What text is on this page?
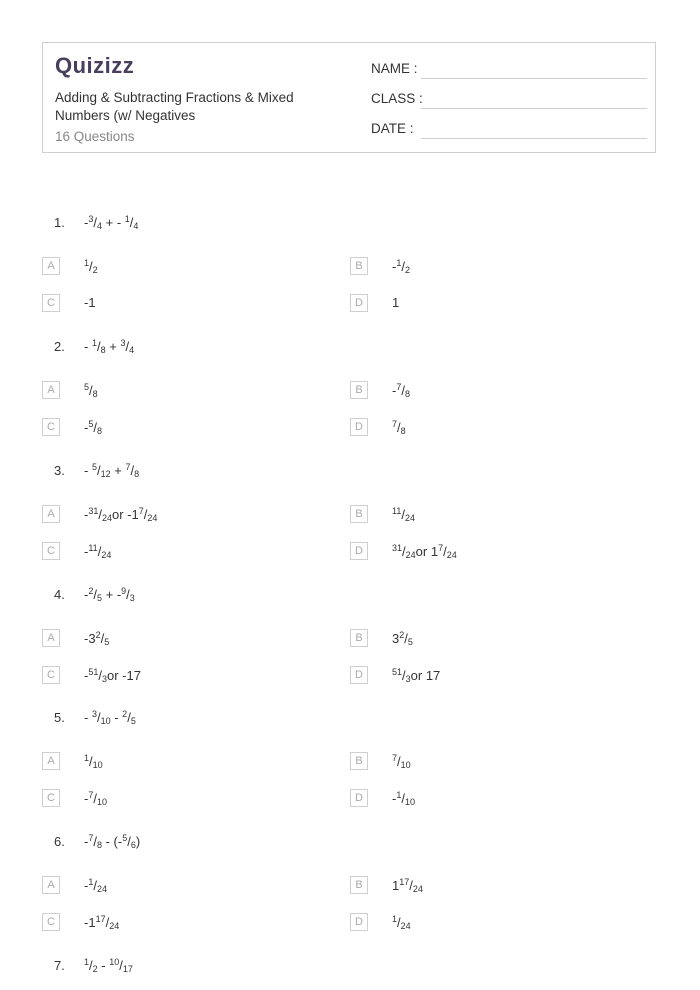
Quizizz
Adding & Subtracting Fractions & Mixed Numbers (w/ Negatives
16 Questions
NAME :
CLASS :
DATE :
1. $-^3/_4$ + - $^1/_4$
A	$^1/_2$	B	$-^1/_2$
C	-1	D	1
2. - $^1/_8 + ^3/_4$
A	$^5/_8$	B	$-^7/_8$
C	$-^5/_8$	D	$^7/_8$
3. - $^5/_{12} + ^7/_8$
A	$-^{31}/_{24}or$ $-1^7/_{24}$	B	$^{11}/_{24}$
C	$-^{11}/_{24}$	D	$^{31}/_{24}or$ $1^7/_{24}$
4. $-^2/_5 + -^9/_3$
A	$-3^2/_5$	B	$3^2/_5$
C	$-^{51}/_3or$ -17	D	$^{51}/_3or$ 17
5. - $^3/_{10} - ^2/_5$
A	$^1/_{10}$	B	$^7/_{10}$
C	$-^7/_{10}$	D	$-^1/_{10}$
6. $-^7/_8 - (-^5/_6)$
A	$-^1/_{24}$	B	$1^{17}/_{24}$
C	$-1^{17}/_{24}$	D	$^1/_{24}$
7. $^1/_2 - ^{10}/_{17}$
